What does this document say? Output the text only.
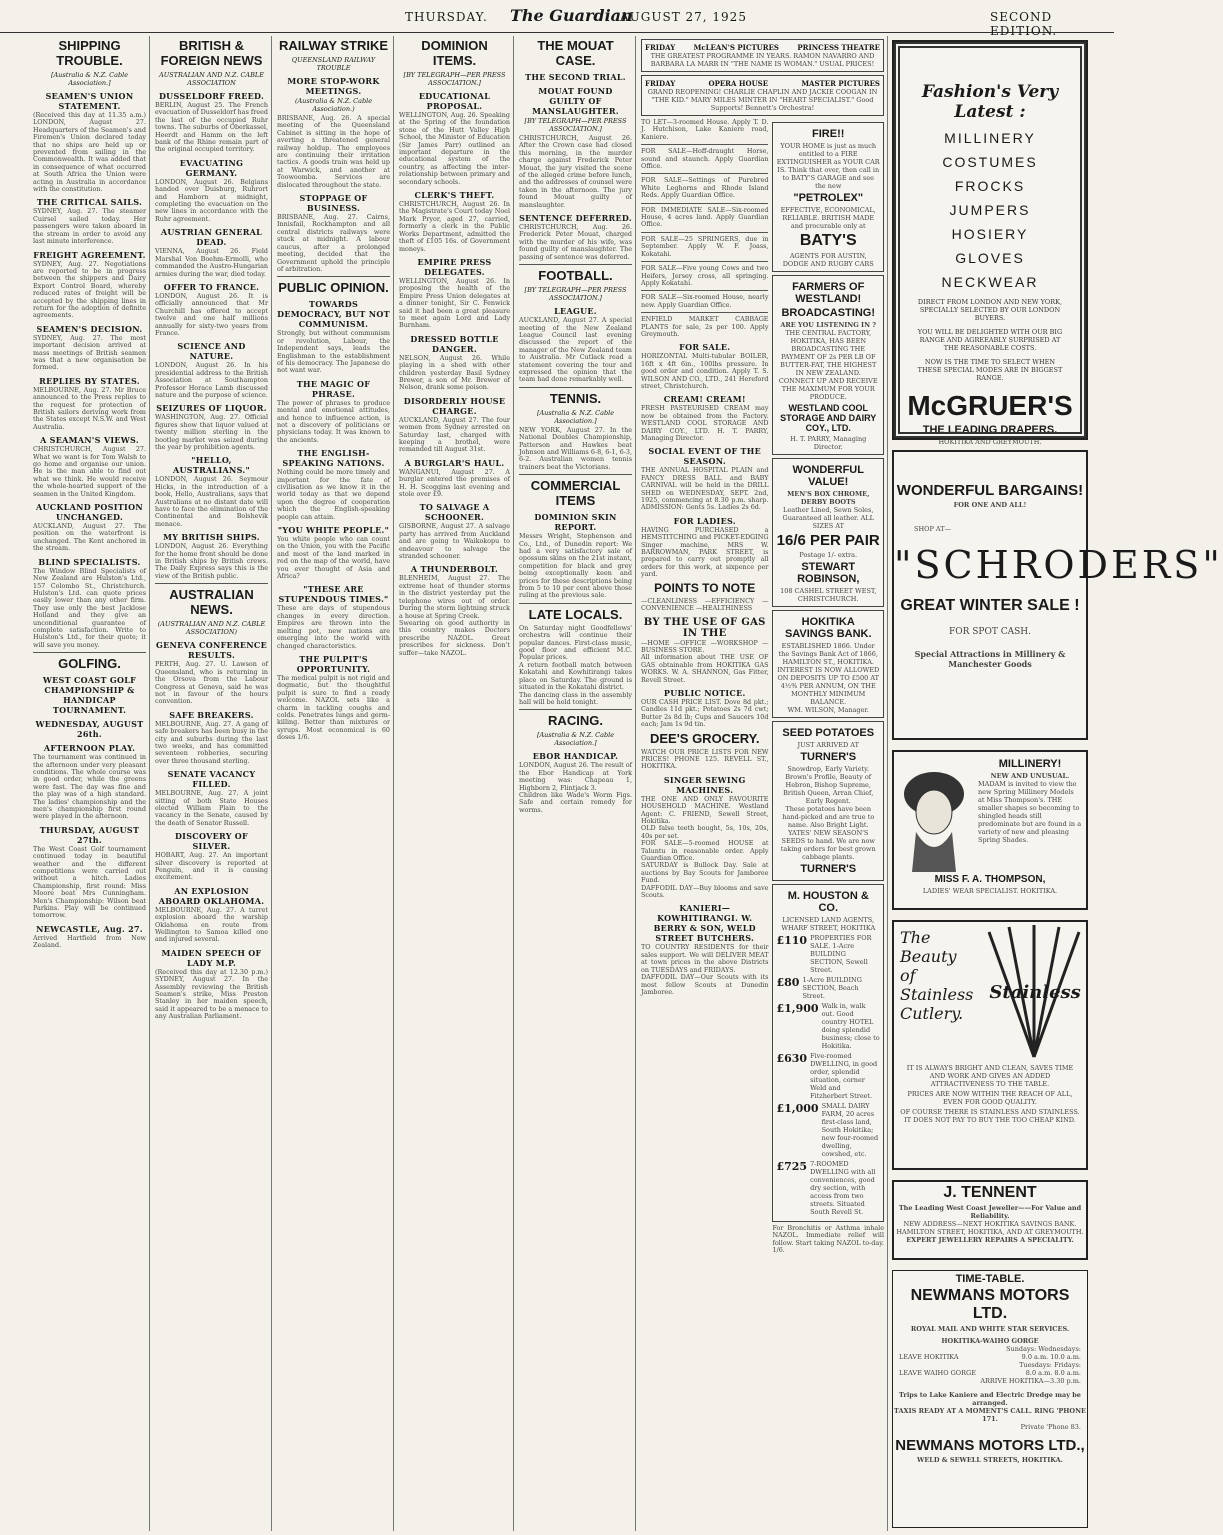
THURSDAY. The Guardian
AUGUST 27, 1925	SECOND EDITION.
SHIPPING TROUBLE.
[Australia & N.Z. Cable Association.]
SEAMEN'S UNION STATEMENT.
(Received this day at 11.35 a.m.) LONDON, August 27. Headquarters of the Seamen's and Firemen's Union declared today that no ships are held up or prevented from sailing in the Commonwealth. It was added that in consequence of what occurred at South Africa the Union were acting in Australia in accordance with the constitution.
THE CRITICAL SAILS.
SYDNEY, Aug. 27. The steamer Cuirsel sailed today. Her passengers were taken aboard in the stream in order to avoid any last minute interference.
FREIGHT AGREEMENT.
SYDNEY, Aug. 27. Negotiations are reported to be in progress between the shippers and Dairy Export Control Board, whereby reduced rates of freight will be accepted by the shipping lines in return for the adoption of definite agreements.
SEAMEN'S DECISION.
SYDNEY, Aug. 27. The most important decision arrived at mass meetings of British seamen was that a new organisation be formed.
REPLIES BY STATES.
MELBOURNE, Aug. 27. Mr Bruce announced to the Press replies to the request for protection of British sailors deriving work from the States except N.S.W. and West Australia.
A SEAMAN'S VIEWS.
CHRISTCHURCH, August 27. What we want is for Tom Walsh to go home and organise our union. He is the man able to find out what we think. He would receive the whole-hearted support of the seamen in the United Kingdom.
AUCKLAND POSITION UNCHANGED.
AUCKLAND, August 27. The position on the waterfront is unchanged. The Kent anchored in the stream.
BLIND SPECIALISTS.
The Window Blind Specialists of New Zealand are Hulston's Ltd., 157 Colombo St., Christchurch. Hulston's Ltd. can quote prices easily lower than any other firm. They use only the best Jacklose Holland and they give an unconditional guarantee of complete satisfaction. Write to Hulston's Ltd., for their quote; it will save you money.
GOLFING.
WEST COAST GOLF CHAMPIONSHIP & HANDICAP TOURNAMENT.
WEDNESDAY, AUGUST 26th.
AFTERNOON PLAY.
The tournament was continued in the afternoon under very pleasant conditions. The whole course was in good order, while the greens were fast. The day was fine and the play was of a high standard. The ladies' championship and the men's championship first round were played in the afternoon.
THURSDAY, AUGUST 27th.
The West Coast Golf tournament continued today in beautiful weather and the different competitions were carried out without a hitch. Ladies Championship, first round: Miss Moore beat Mrs Cunningham. Men's Championship: Wilson beat Parkins. Play will be continued tomorrow.
NEWCASTLE, Aug. 27.
Arrived Hartfield from New Zealand.
BRITISH & FOREIGN NEWS
AUSTRALIAN AND N.Z. CABLE ASSOCIATION
DUSSELDORF FREED.
BERLIN, August 25. The French evacuation of Dusseldorf has freed the last of the occupied Ruhr towns. The suburbs of Oberkassel, Heerdt and Hamm on the left bank of the Rhine remain part of the original occupied territory.
EVACUATING GERMANY.
LONDON, August 26. Belgians handed over Duisburg, Ruhrort and Hamborn at midnight, completing the evacuation on the new lines in accordance with the Ruhr agreement.
AUSTRIAN GENERAL DEAD.
VIENNA, August 26. Field Marshal Von Boehm-Ermolli, who commanded the Austro-Hungarian armies during the war, died today.
OFFER TO FRANCE.
LONDON, August 26. It is officially announced that Mr Churchill has offered to accept twelve and one half millions annually for sixty-two years from France.
SCIENCE AND NATURE.
LONDON, August 26. In his presidential address to the British Association at Southampton Professor Horace Lamb discussed nature and the purpose of science.
SEIZURES OF LIQUOR.
WASHINGTON, Aug. 27. Official figures show that liquor valued at twenty million sterling in the bootleg market was seized during the year by prohibition agents.
"HELLO, AUSTRALIANS."
LONDON, August 26. Seymour Hicks, in the introduction of a book, Hello, Australians, says that Australians at no distant date will have to face the elimination of the Continental and Bolshevik menace.
MY BRITISH SHIPS.
LONDON, August 26. Everything for the home front should be done in British ships by British crews. The Daily Express says this is the view of the British public.
AUSTRALIAN NEWS.
(AUSTRALIAN AND N.Z. CABLE ASSOCIATION)
GENEVA CONFERENCE RESULTS.
PERTH, Aug. 27. U. Lawson of Queensland, who is returning in the Orsova from the Labour Congress at Geneva, said he was not in favour of the hours convention.
SAFE BREAKERS.
MELBOURNE, Aug. 27. A gang of safe breakers has been busy in the city and suburbs during the last two weeks, and has committed seventeen robberies, securing over three thousand sterling.
SENATE VACANCY FILLED.
MELBOURNE, Aug. 27. A joint sitting of both State Houses elected William Plain to the vacancy in the Senate, caused by the death of Senator Russell.
DISCOVERY OF SILVER.
HOBART, Aug. 27. An important silver discovery is reported at Penguin, and it is causing excitement.
AN EXPLOSION ABOARD OKLAHOMA.
MELBOURNE, Aug. 27. A turret explosion aboard the warship Oklahoma en route from Wellington to Samoa killed one and injured several.
MAIDEN SPEECH OF LADY M.P.
(Received this day at 12.30 p.m.) SYDNEY, August 27. In the Assembly reviewing the British Seamen's strike, Miss Preston Stanley in her maiden speech, said it appeared to be a menace to any Australian Parliament.
RAILWAY STRIKE
QUEENSLAND RAILWAY TROUBLE
MORE STOP-WORK MEETINGS.
(Australia & N.Z. Cable Association.)
BRISBANE, Aug. 26. A special meeting of the Queensland Cabinet is sitting in the hope of averting a threatened general railway holdup. The employees are continuing their irritation tactics. A goods train was held up at Warwick, and another at Toowoomba. Services are dislocated throughout the state.
STOPPAGE OF BUSINESS.
BRISBANE, Aug. 27. Cairns, Innisfail, Rockhampton and all central districts railways were stuck at midnight. A labour caucus, after a prolonged meeting, decided that the Government uphold the principle of arbitration.
PUBLIC OPINION.
TOWARDS DEMOCRACY, BUT NOT COMMUNISM.
Strongly, but without communism or revolution, Labour, the Independent says, leads the Englishman to the establishment of his democracy. The Japanese do not want war.
THE MAGIC OF PHRASE.
The power of phrases to produce mental and emotional attitudes, and hence to influence action, is not a discovery of politicians or physicians today. It was known to the ancients.
THE ENGLISH-SPEAKING NATIONS.
Nothing could be more timely and important for the fate of civilisation as we know it in the world today as that we depend upon the degree of cooperation which the English-speaking people can attain.
"YOU WHITE PEOPLE."
You white people who can count on the Union, you with the Pacific and most of the land marked in red on the map of the world, have you ever thought of Asia and Africa?
"THESE ARE STUPENDOUS TIMES."
These are days of stupendous changes in every direction. Empires are thrown into the melting pot, new nations are emerging into the world with changed characteristics.
THE PULPIT'S OPPORTUNITY.
The medical pulpit is not rigid and dogmatic, but the thoughtful pulpit is sure to find a ready welcome. NAZOL sets like a charm in tackling coughs and colds. Penetrates lungs and germ-killing. Better than mixtures or syrups. Most economical is 60 doses 1/6.
DOMINION ITEMS.
[BY TELEGRAPH—PER PRESS ASSOCIATION.]
EDUCATIONAL PROPOSAL.
WELLINGTON, Aug. 26. Speaking at the Spring of the foundation stone of the Hutt Valley High School, the Minister of Education (Sir James Parr) outlined an important departure in the educational system of the country, as affecting the inter-relationship between primary and secondary schools.
CLERK'S THEFT.
CHRISTCHURCH, August 26. In the Magistrate's Court today Noel Mark Pryor, aged 27, carried, formerly a clerk in the Public Works Department, admitted the theft of £105 16s. of Government moneys.
EMPIRE PRESS DELEGATES.
WELLINGTON, August 26. In proposing the health of the Empire Press Union delegates at a dinner tonight, Sir C. Fenwick said it had been a great pleasure to meet again Lord and Lady Burnham.
DRESSED BOTTLE DANGER.
NELSON, August 26. While playing in a shed with other children yesterday Basil Sydney Brewer, a son of Mr. Brewer of Nelson, drank some poison.
DISORDERLY HOUSE CHARGE.
AUCKLAND, August 27. The four women from Sydney arrested on Saturday last, charged with keeping a brothel, were remanded till August 31st.
A BURGLAR'S HAUL.
WANGANUI, August 27. A burglar entered the premises of H. H. Scoggins last evening and stole over £9.
TO SALVAGE A SCHOONER.
GISBORNE, August 27. A salvage party has arrived from Auckland and are going to Waikokopu to endeavour to salvage the stranded schooner.
A THUNDERBOLT.
BLENHEIM, August 27. The extreme heat of thunder storms in the district yesterday put the telephone wires out of order. During the storm lightning struck a house at Spring Creek.
Swearing on good authority in this country makes Doctors prescribe NAZOL. Great prescribes for sickness. Don't suffer—take NAZOL.
THE MOUAT CASE.
THE SECOND TRIAL.
MOUAT FOUND GUILTY OF MANSLAUGHTER.
[BY TELEGRAPH—PER PRESS ASSOCIATION.]
CHRISTCHURCH, August 26. After the Crown case had closed this morning, in the murder charge against Frederick Peter Mouat, the jury visited the scene of the alleged crime before lunch, and the addresses of counsel were taken in the afternoon. The jury found Mouat guilty of manslaughter.
SENTENCE DEFERRED.
CHRISTCHURCH, Aug. 26. Frederick Peter Mouat, charged with the murder of his wife, was found guilty of manslaughter. The passing of sentence was deferred.
FOOTBALL.
[BY TELEGRAPH—PER PRESS ASSOCIATION.]
LEAGUE.
AUCKLAND, August 27. A special meeting of the New Zealand League Council last evening discussed the report of the manager of the New Zealand team to Australia. Mr Cutlack read a statement covering the tour and expressed the opinion that the team had done remarkably well.
TENNIS.
[Australia & N.Z. Cable Association.]
NEW YORK, August 27. In the National Doubles Championship, Patterson and Hawkes beat Johnson and Williams 6-8, 6-1, 6-3, 6-2. Australian women tennis trainers beat the Victorians.
COMMERCIAL ITEMS
DOMINION SKIN REPORT.
Messrs Wright, Stephenson and Co., Ltd., of Dunedin report: We had a very satisfactory sale of opossum skins on the 21st instant, competition for black and grey being exceptionally keen and prices for these descriptions being from 5 to 10 per cent above those ruling at the previous sale.
LATE LOCALS.
On Saturday night Goodfellows' orchestra will continue their popular dances. First-class music, good floor and efficient M.C. Popular prices.
A return football match between Kokatahi and Kowhitirangi takes place on Saturday. The ground is situated in the Kokatahi district.
The dancing class in the assembly hall will be held tonight.
RACING.
[Australia & N.Z. Cable Association.]
EBOR HANDICAP.
LONDON, August 26. The result of the Ebor Handicap at York meeting was: Chapeau 1, Highborn 2, Flintjack 3.
Children like Wade's Worm Figs. Safe and certain remedy for worms.
FRIDAY	McLEAN'S PICTURES	PRINCESS THEATRE
THE GREATEST PROGRAMME IN YEARS. RAMON NAVARRO AND BARBARA LA MARR IN "THE NAME IS WOMAN." USUAL PRICES!
FRIDAY	OPERA HOUSE	MASTER PICTURES
GRAND REOPENING! CHARLIE CHAPLIN AND JACKIE COOGAN IN "THE KID." MARY MILES MINTER IN "HEART SPECIALIST." Good Supports! Bennett's Orchestra!
TO LET—3-roomed House. Apply T. D. J. Hutchison, Lake Kaniere road, Kaniere.
FOR SALE—Hoff-draught Horse, sound and staunch. Apply Guardian Office.
FOR SALE—Settings of Purebred White Leghorns and Rhode Island Reds. Apply Guardian Office.
FOR IMMEDIATE SALE—Six-roomed House, 4 acres land. Apply Guardian Office.
FOR SALE—25 SPRINGERS, due in September. Apply W. F. Joass, Kokatahi.
FOR SALE—Five young Cows and two Heifers, Jersey cross, all springing. Apply Kokatahi.
FOR SALE—Six-roomed House, nearly new. Apply Guardian Office.
ENFIELD MARKET CABBAGE PLANTS for sale, 2s per 100. Apply Greymouth.
FOR SALE.
HORIZONTAL Multi-tubular BOILER, 16ft x 4ft 6in., 100lbs pressure. In good order and condition. Apply T. S. WILSON AND CO., LTD., 241 Hereford street, Christchurch.
CREAM! CREAM!
FRESH PASTEURISED CREAM may now be obtained from the Factory. WESTLAND COOL STORAGE AND DAIRY COY., LTD. H. T. PARRY, Managing Director.
SOCIAL EVENT OF THE SEASON.
THE ANNUAL HOSPITAL PLAIN and FANCY DRESS BALL and BABY CARNIVAL will be held in the DRILL SHED on WEDNESDAY, SEPT. 2nd, 1925, commencing at 8.30 p.m. sharp. ADMISSION: Gents 5s. Ladies 2s 6d.
FOR LADIES.
HAVING PURCHASED a HEMSTITCHING and PICKET-EDGING Singer machine, MRS W. BARROWMAN, PARK STREET, is prepared to carry out promptly all orders for this work, at sixpence per yard.
POINTS TO NOTE
—CLEANLINESS —EFFICIENCY —CONVENIENCE —HEALTHINESS
BY THE USE OF GAS IN THE
—HOME —OFFICE —WORKSHOP —BUSINESS STORE.
All information about THE USE OF GAS obtainable from HOKITIKA GAS WORKS. W. A. SHANNON, Gas Fitter, Revell Street.
PUBLIC NOTICE.
OUR CASH PRICE LIST. Dove 8d pkt.; Candles 11d pkt.; Potatoes 2s 7d cwt; Butter 2s 8d lb; Cups and Saucers 10d each; Jam 1s 9d tin.
DEE'S GROCERY.
WATCH OUR PRICE LISTS FOR NEW PRICES! PHONE 125. REVELL ST., HOKITIKA.
SINGER SEWING MACHINES.
THE ONE AND ONLY FAVOURITE HOUSEHOLD MACHINE. Westland Agent: C. FRIEND, Sewell Street, Hokitika.
OLD false teeth bought, 5s, 10s, 20s, 40s per set.
FOR SALE—5-roomed HOUSE at Taluntu in reasonable order. Apply Guardian Office.
SATURDAY is Bullock Day. Sale at auctions by Bay Scouts for Jamboree Fund.
DAFFODIL DAY—Buy blooms and save Scouts.
KANIERI—KOWHITIRANGI. W. BERRY & SON, WELD STREET BUTCHERS.
TO COUNTRY RESIDENTS for their sales support. We will DELIVER MEAT at town prices in the above Districts on TUESDAYS and FRIDAYS.
DAFFODIL DAY—Our Scouts with its most fellow Scouts at Dunedin Jamboree.
FIRE!!
YOUR HOME is just as much entitled to a FIRE EXTINGUISHER as YOUR CAR IS. Think that over, then call in to BATY'S GARAGE and see the new
"PETROLEX"
EFFECTIVE, ECONOMICAL, RELIABLE. BRITISH MADE and procurable only at
BATY'S
AGENTS FOR AUSTIN, DODGE AND RUGBY CARS
FARMERS OF WESTLAND!
BROADCASTING!
ARE YOU LISTENING IN ?
THE CENTRAL FACTORY, HOKITIKA, HAS BEEN BROADCASTING THE PAYMENT OF 2s PER LB OF BUTTER-FAT, THE HIGHEST IN NEW ZEALAND.
CONNECT UP AND RECEIVE THE MAXIMUM FOR YOUR PRODUCE.
WESTLAND COOL STORAGE AND DAIRY COY., LTD.
H. T. PARRY, Managing Director.
WONDERFUL VALUE!
MEN'S BOX CHROME, DERBY BOOTS
Leather Lined, Sewn Soles, Guaranteed all leather. ALL SIZES AT
16/6 PER PAIR
Postage 1/- extra.
STEWART ROBINSON,
108 CASHEL STREET WEST, CHRISTCHURCH.
HOKITIKA SAVINGS BANK.
ESTABLISHED 1866. Under the Savings Bank Act of 1866, HAMILTON ST., HOKITIKA. INTEREST IS NOW ALLOWED ON DEPOSITS UP TO £500 AT 4½% PER ANNUM, ON THE MONTHLY MINIMUM BALANCE.
WM. WILSON, Manager.
SEED POTATOES
JUST ARRIVED AT
TURNER'S
Snowdrop, Early Variety. Brown's Profile, Beauty of Hebron, Bishop Supreme, British Queen, Arran Chief, Early Regent.
These potatoes have been hand-picked and are true to name. Also Bright Light. YATES' NEW SEASON'S SEEDS to hand. We are now taking orders for best grown cabbage plants.
TURNER'S
M. HOUSTON & CO.
LICENSED LAND AGENTS, WHARF STREET, HOKITIKA
£110 PROPERTIES FOR SALE. 1-Acre BUILDING SECTION, Sewell Street.
£80 1-Acre BUILDING SECTION, Beach Street.
£1,900 Walk in, walk out. Good country HOTEL doing splendid business; close to Hokitika.
£630 Five-roomed DWELLING, in good order, splendid situation, corner Weld and Fitzherbert Street.
£1,000 SMALL DAIRY FARM, 20 acres first-class land, South Hokitika; new four-roomed dwelling, cowshed, etc.
£725 7-ROOMED DWELLING with all conveniences, good dry section, with access from two streets. Situated South Revell St.
For Bronchitis or Asthma inhale NAZOL. Immediate relief will follow. Start taking NAZOL to-day. 1/6.
Fashion's Very Latest :
MILLINERY
COSTUMES
FROCKS
JUMPERS
HOSIERY
GLOVES
NECKWEAR
DIRECT FROM LONDON AND NEW YORK, SPECIALLY SELECTED BY OUR LONDON BUYERS.
YOU WILL BE DELIGHTED WITH OUR BIG RANGE AND AGREEABLY SURPRISED AT THE REASONABLE COSTS.
NOW IS THE TIME TO SELECT WHEN THESE SPECIAL MODES ARE IN BIGGEST RANGE.
McGRUER'S
THE LEADING DRAPERS.
HOKITIKA AND GREYMOUTH.
WONDERFUL BARGAINS!
FOR ONE AND ALL!
SHOP AT—
"SCHRODERS"
GREAT WINTER SALE !
FOR SPOT CASH.
Special Attractions in Millinery & Manchester Goods
MILLINERY!
NEW AND UNUSUAL.
MADAM is invited to view the new Spring Millinery Models at Miss Thompson's. THE smaller shapes so becoming to shingled heads still predominate but are found in a variety of new and pleasing Spring Shades.
MISS F. A. THOMPSON,
LADIES' WEAR SPECIALIST. HOKITIKA.
The
Beauty of
Stainless
Cutlery.
Stainless
IT IS ALWAYS BRIGHT AND CLEAN, SAVES TIME AND WORK AND GIVES AN ADDED ATTRACTIVENESS TO THE TABLE.
PRICES ARE NOW WITHIN THE REACH OF ALL, EVEN FOR GOOD QUALITY.
OF COURSE THERE IS STAINLESS AND STAINLESS. IT DOES NOT PAY TO BUY THE TOO CHEAP KIND.
J. TENNENT
The Leading West Coast Jeweller——For Value and Reliability.
NEW ADDRESS—NEXT HOKITIKA SAVINGS BANK. HAMILTON STREET, HOKITIKA, AND AT GREYMOUTH.
EXPERT JEWELLERY REPAIRS A SPECIALITY.
TIME-TABLE.
NEWMANS MOTORS LTD.
ROYAL MAIL AND WHITE STAR SERVICES.
HOKITIKA-WAIHO GORGE
Sundays: Wednesdays:
LEAVE HOKITIKA	9.0 a.m. 10.0 a.m.
Tuesdays: Fridays:
LEAVE WAIHO GORGE	8.0 a.m. 8.0 a.m.
ARRIVE HOKITIKA—3.30 p.m.
Trips to Lake Kaniere and Electric Dredge may be arranged.
TAXIS READY AT A MOMENT'S CALL. RING 'PHONE 171.
Private 'Phone 83.
NEWMANS MOTORS LTD.,
WELD & SEWELL STREETS, HOKITIKA.
